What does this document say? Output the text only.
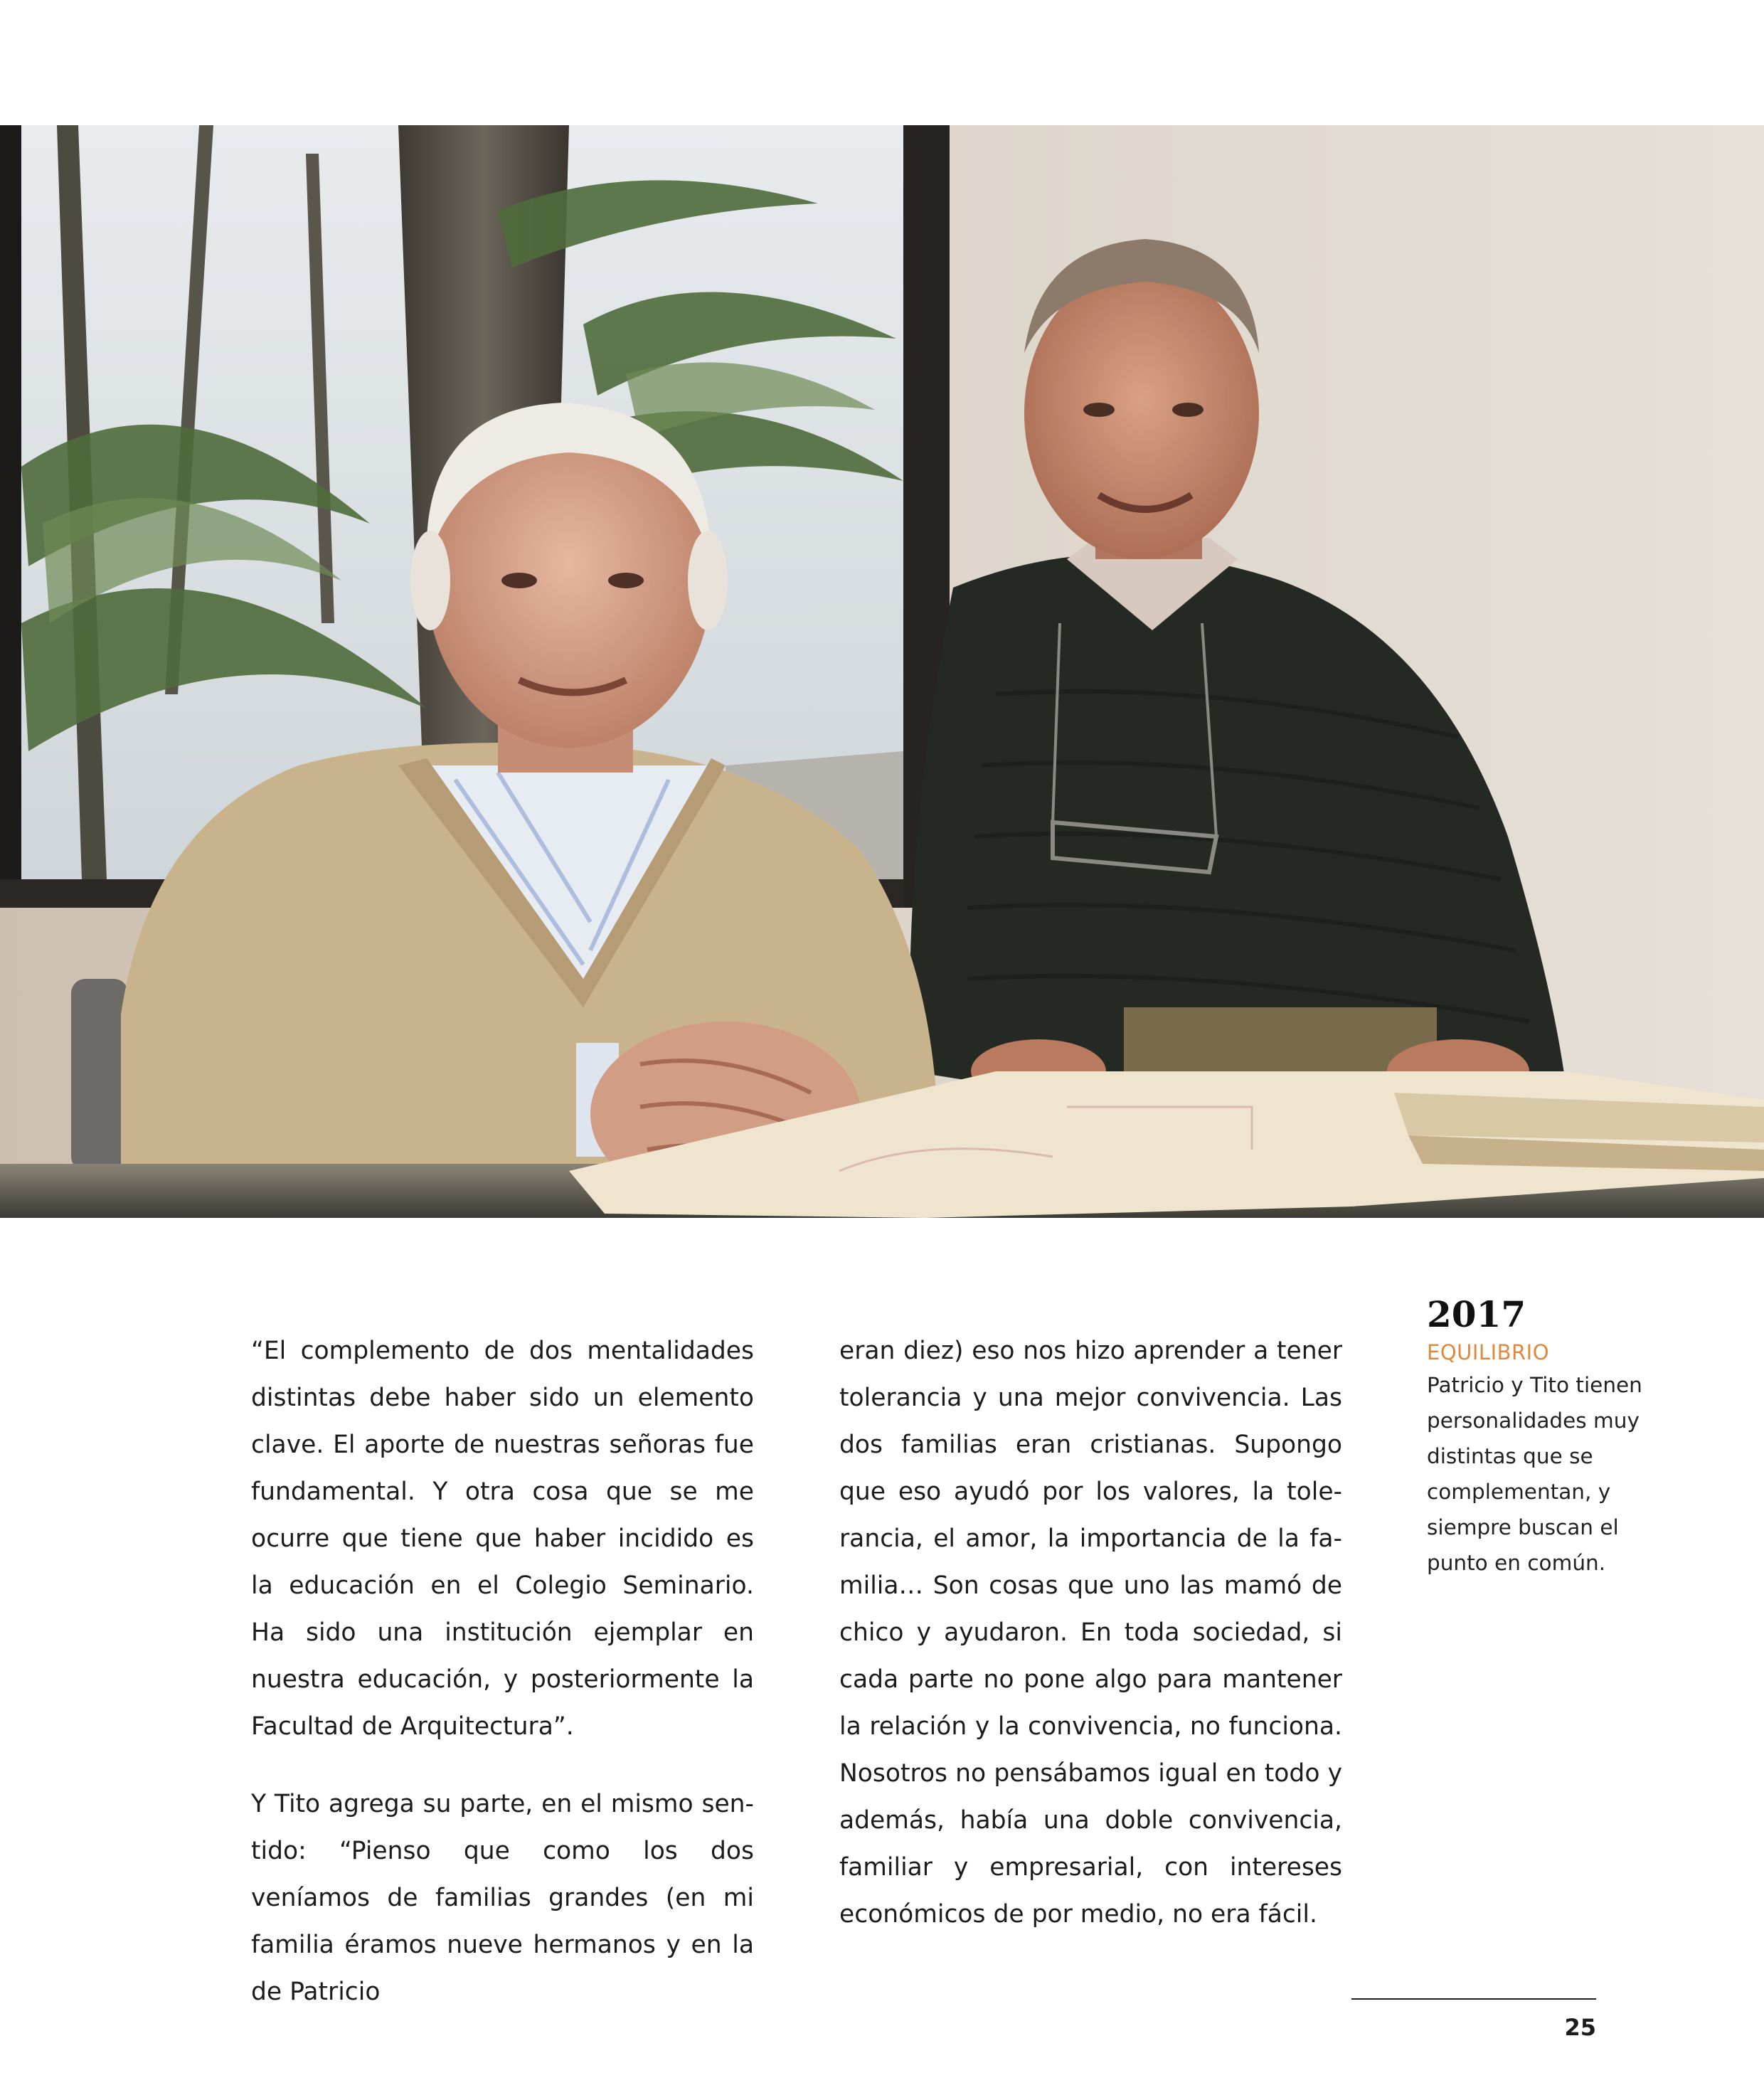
“El complemento de dos mentalidades distintas debe haber sido un elemento clave. El aporte de nuestras señoras fue fundamental. Y otra cosa que se me ocurre que tiene que haber incidido es la educación en el Colegio Seminario. Ha sido una institución ejemplar en nuestra educación, y posteriormente la Facultad de Arquitectura”.

Y Tito agrega su parte, en el mismo sentido: “Pienso que como los dos veníamos de familias grandes (en mi familia éramos nueve hermanos y en la de Patricio

eran diez) eso nos hizo aprender a tener tolerancia y una mejor convivencia. Las dos familias eran cristianas. Supongo que eso ayudó por los valores, la tolerancia, el amor, la importancia de la familia… Son cosas que uno las mamó de chico y ayudaron. En toda sociedad, si cada parte no pone algo para mantener la relación y la convivencia, no funciona. Nosotros no pensábamos igual en todo y además, había una doble convivencia, familiar y empresarial, con intereses económicos de por medio, no era fácil.

2017
EQUILIBRIO
Patricio y Tito tienen personalidades muy distintas que se complementan, y siempre buscan el punto en común.
25
